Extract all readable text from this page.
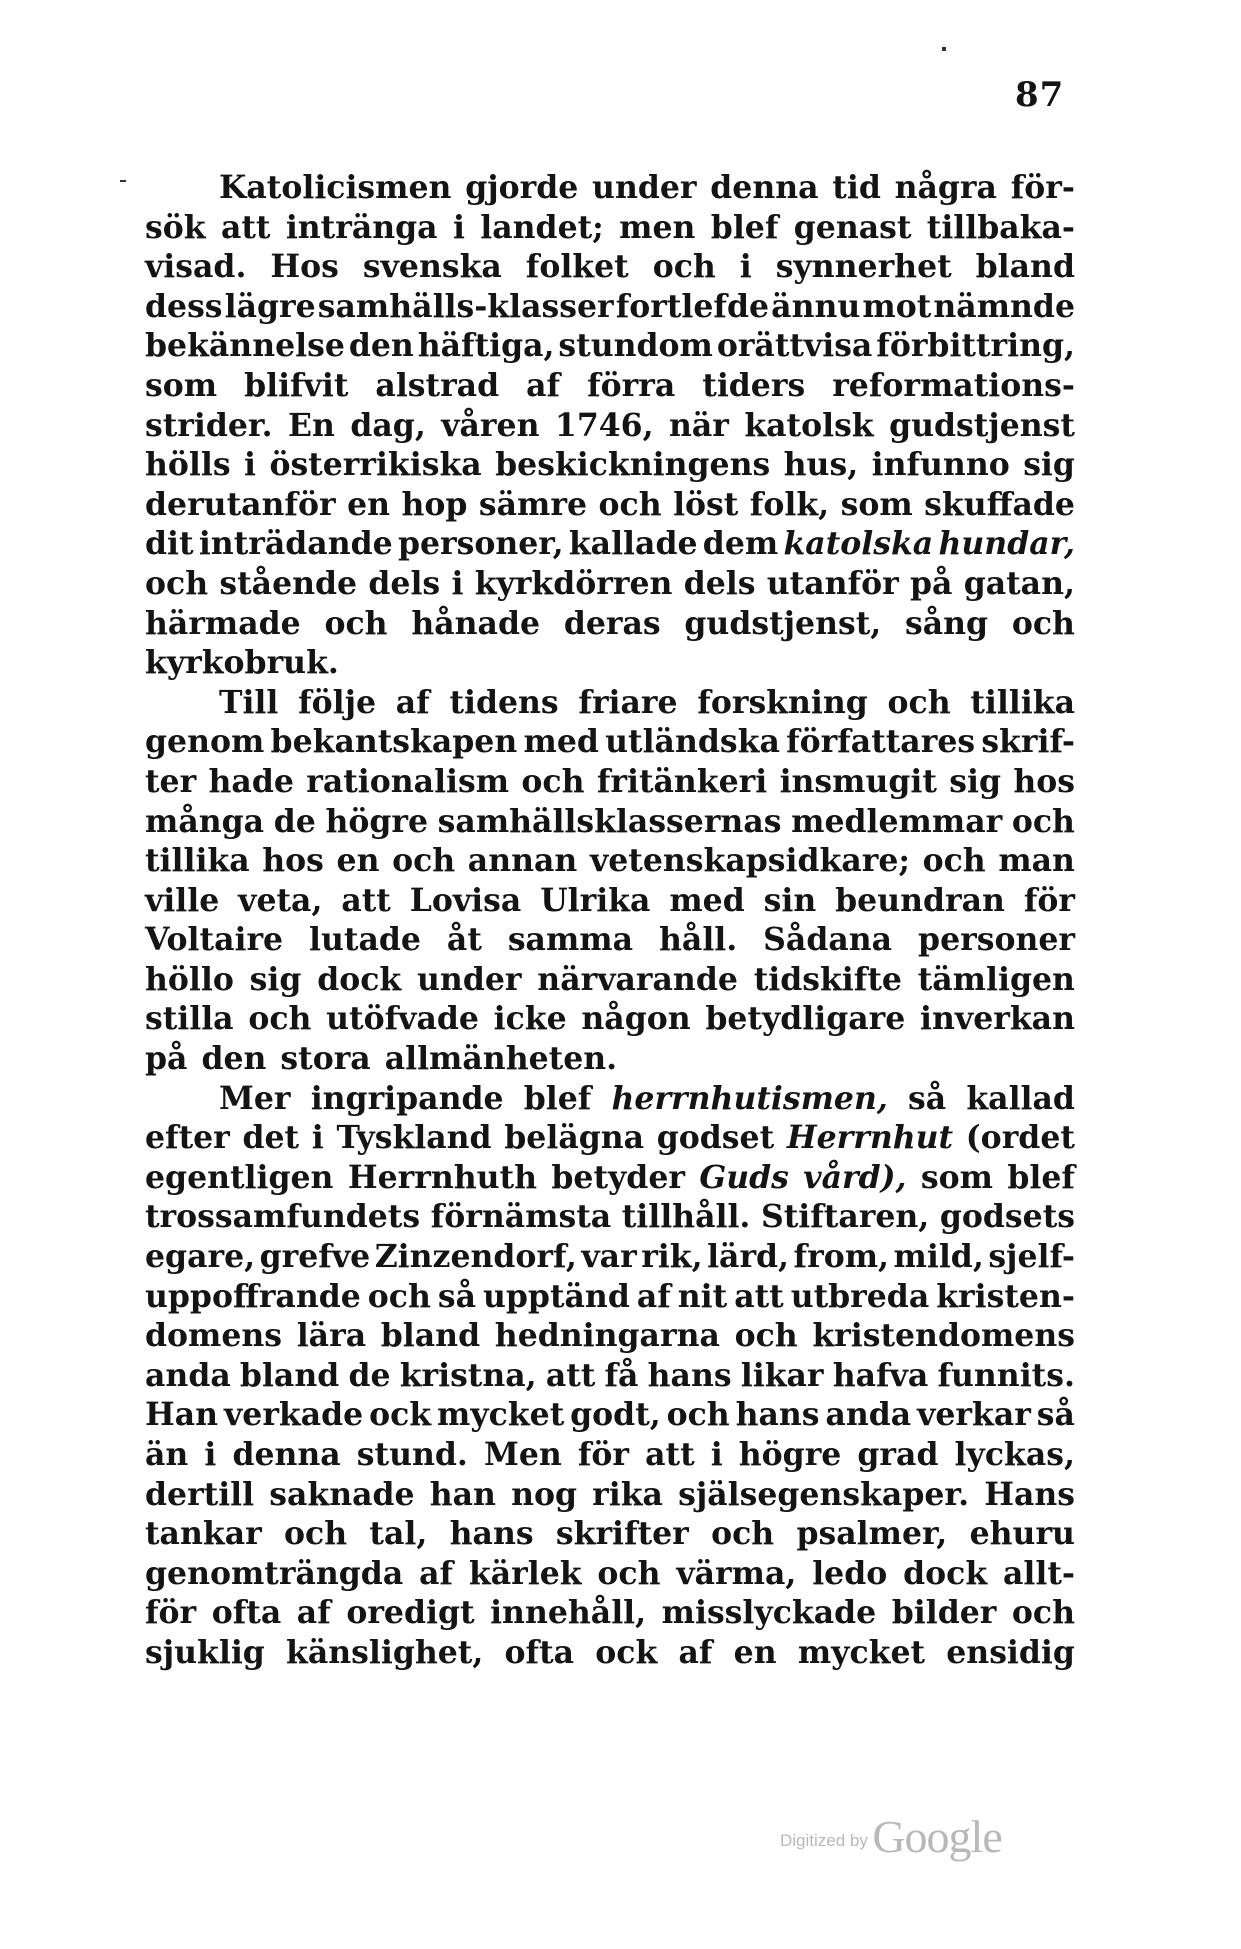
87
Katolicismen gjorde under denna tid några för-
sök att intränga i landet; men blef genast tillbaka-
visad. Hos svenska folket och i synnerhet bland
dess lägre samhälls-klasser fortlefde ännu mot nämnde
bekännelse den häftiga, stundom orättvisa förbittring,
som blifvit alstrad af förra tiders reformations-
strider. En dag, våren 1746, när katolsk gudstjenst
hölls i österrikiska beskickningens hus, infunno sig
derutanför en hop sämre och löst folk, som skuffade
dit inträdande personer, kallade dem katolska hundar,
och stående dels i kyrkdörren dels utanför på gatan,
härmade och hånade deras gudstjenst, sång och
kyrkobruk.
Till följe af tidens friare forskning och tillika
genom bekantskapen med utländska författares skrif-
ter hade rationalism och fritänkeri insmugit sig hos
många de högre samhällsklassernas medlemmar och
tillika hos en och annan vetenskapsidkare; och man
ville veta, att Lovisa Ulrika med sin beundran för
Voltaire lutade åt samma håll. Sådana personer
höllo sig dock under närvarande tidskifte tämligen
stilla och utöfvade icke någon betydligare inverkan
på den stora allmänheten.
Mer ingripande blef herrnhutismen, så kallad
efter det i Tyskland belägna godset Herrnhut (ordet
egentligen Herrnhuth betyder Guds vård), som blef
trossamfundets förnämsta tillhåll. Stiftaren, godsets
egare, grefve Zinzendorf, var rik, lärd, from, mild, sjelf-
uppoffrande och så upptänd af nit att utbreda kristen-
domens lära bland hedningarna och kristendomens
anda bland de kristna, att få hans likar hafva funnits.
Han verkade ock mycket godt, och hans anda verkar så
än i denna stund. Men för att i högre grad lyckas,
dertill saknade han nog rika själsegenskaper. Hans
tankar och tal, hans skrifter och psalmer, ehuru
genomträngda af kärlek och värma, ledo dock allt-
för ofta af oredigt innehåll, misslyckade bilder och
sjuklig känslighet, ofta ock af en mycket ensidig
Digitized by Google
